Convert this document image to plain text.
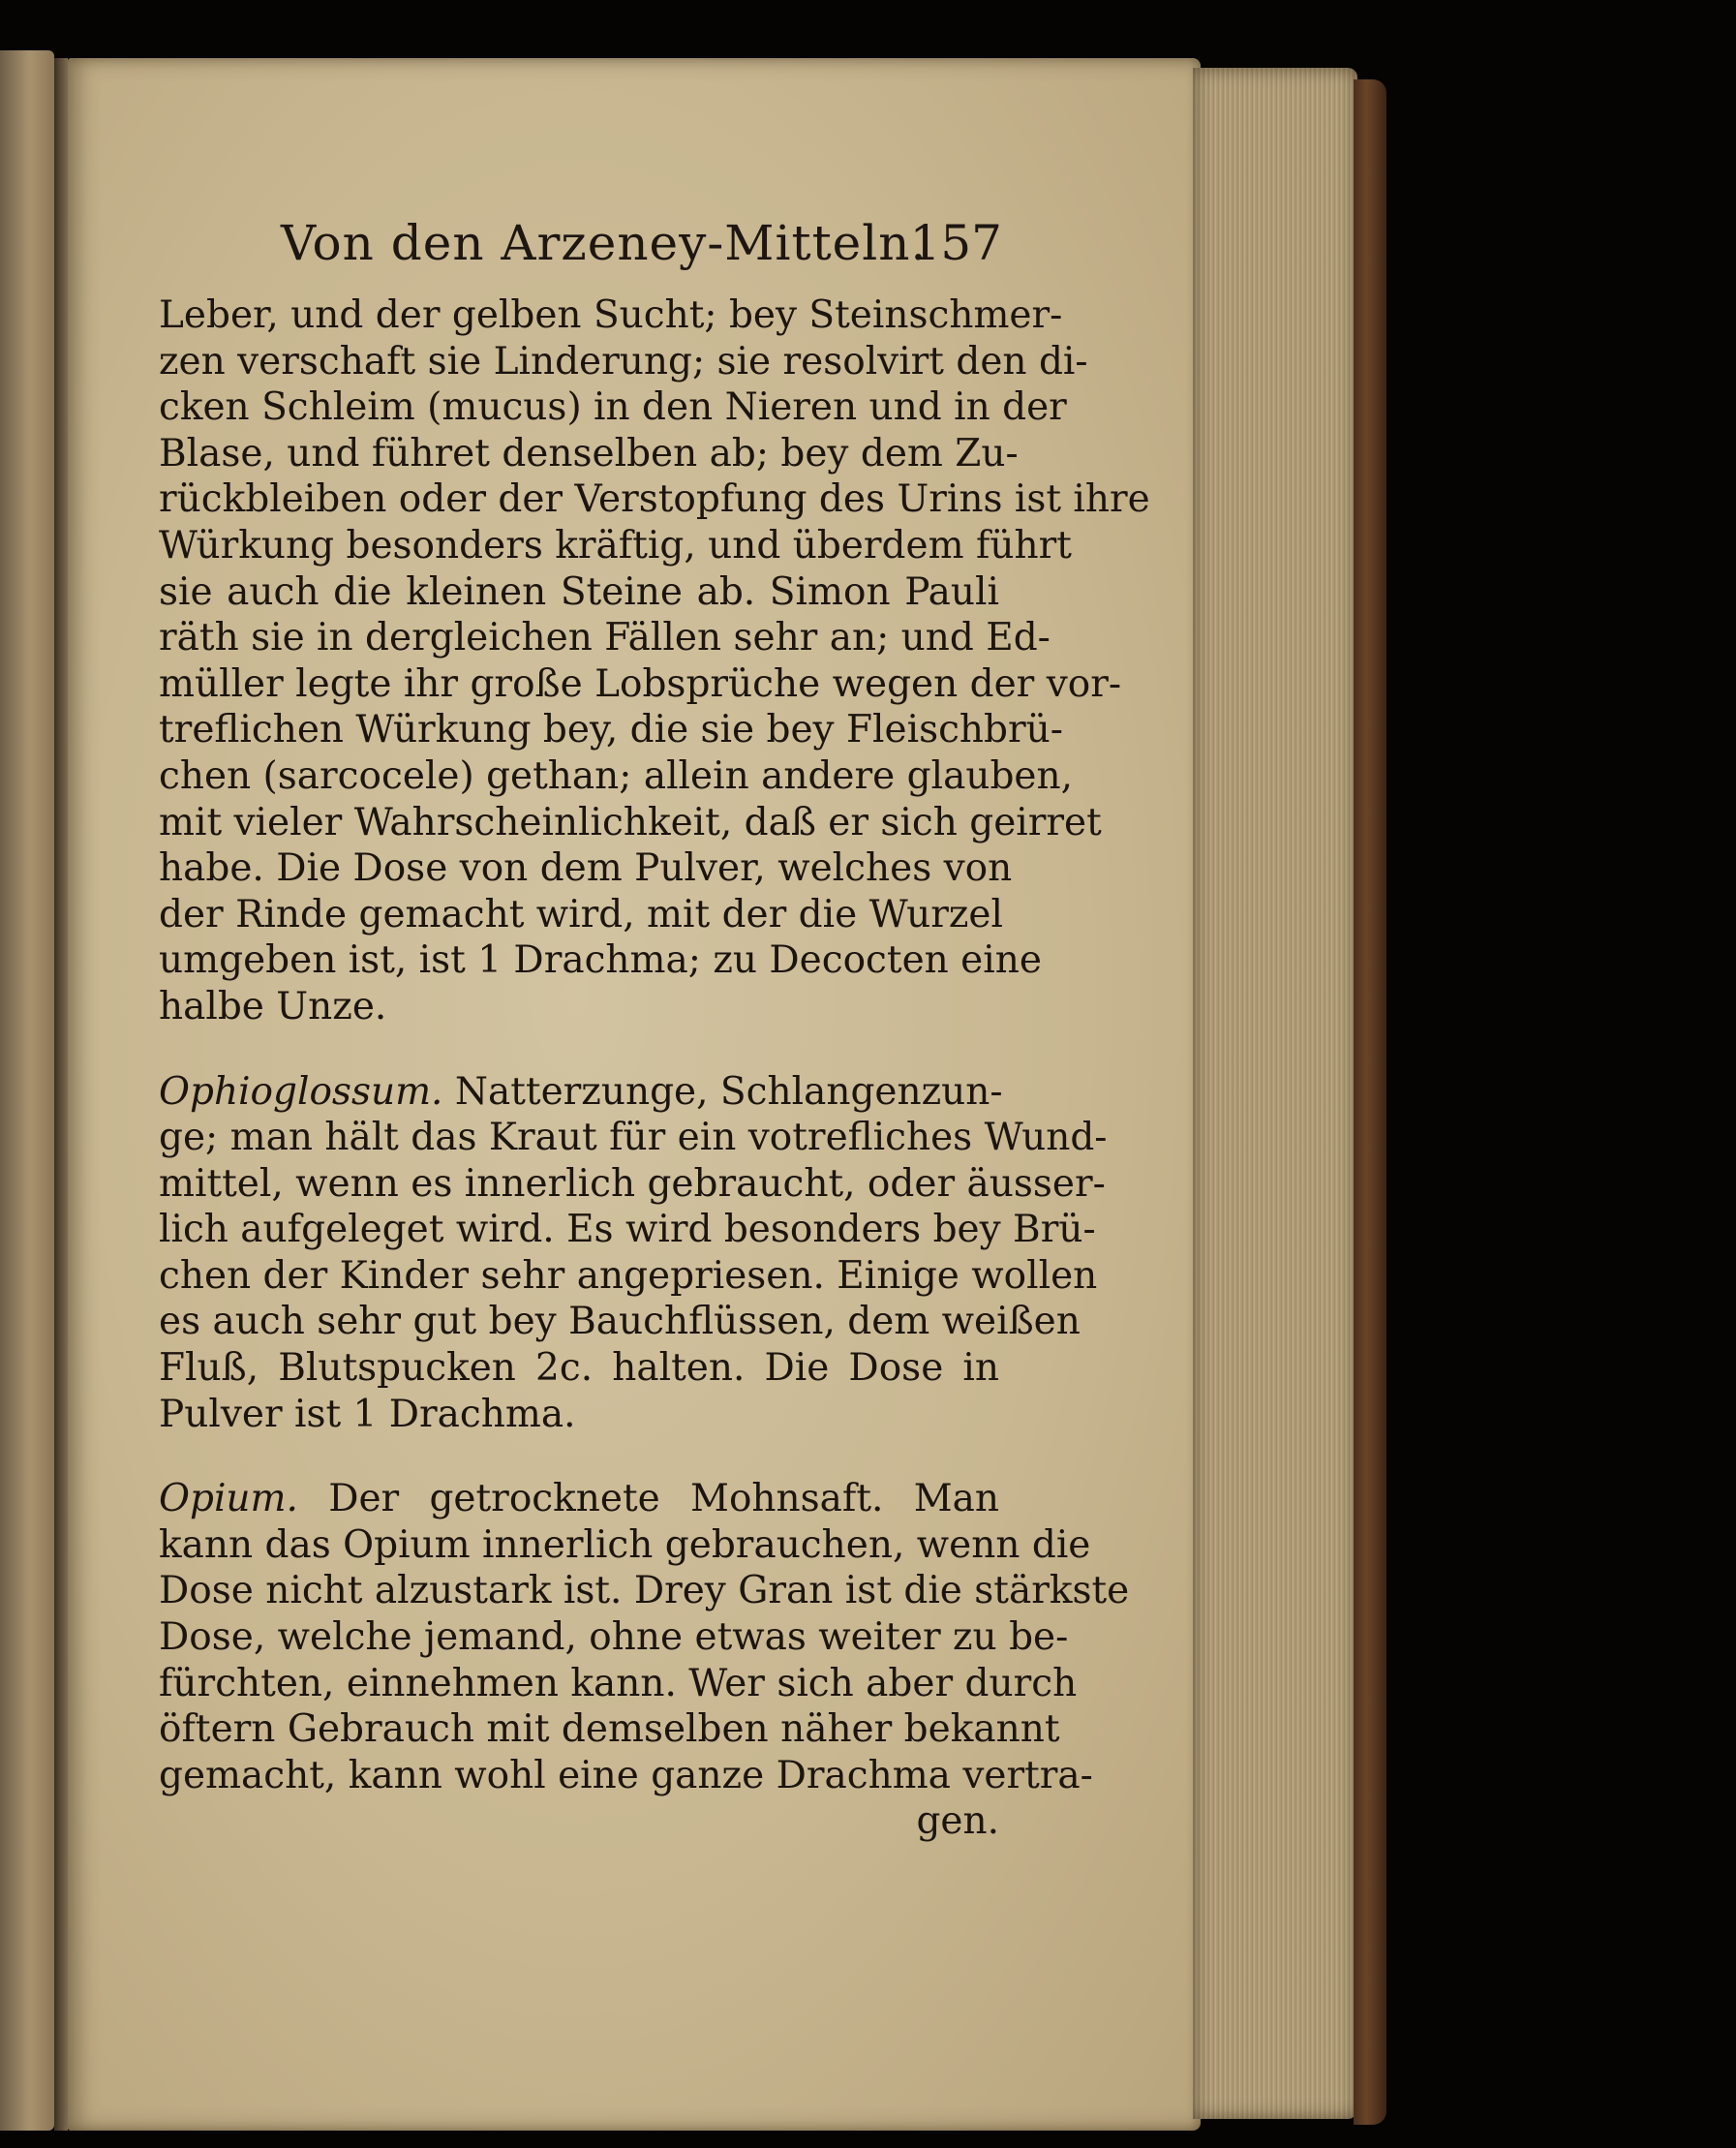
Von den Arzeney-Mitteln.
157
Leber, und der gelben Sucht; bey Steinschmer-
zen verschaft sie Linderung; sie resolvirt den di-
cken Schleim (mucus) in den Nieren und in der
Blase, und führet denselben ab; bey dem Zu-
rückbleiben oder der Verstopfung des Urins ist ihre
Würkung besonders kräftig, und überdem führt
sie auch die kleinen Steine ab. Simon Pauli
räth sie in dergleichen Fällen sehr an; und Ed-
müller legte ihr große Lobsprüche wegen der vor-
treflichen Würkung bey, die sie bey Fleischbrü-
chen (sarcocele) gethan; allein andere glauben,
mit vieler Wahrscheinlichkeit, daß er sich geirret
habe. Die Dose von dem Pulver, welches von
der Rinde gemacht wird, mit der die Wurzel
umgeben ist, ist 1 Drachma; zu Decocten eine
halbe Unze.
Ophioglossum. Natterzunge, Schlangenzun-
ge; man hält das Kraut für ein votrefliches Wund-
mittel, wenn es innerlich gebraucht, oder äusser-
lich aufgeleget wird. Es wird besonders bey Brü-
chen der Kinder sehr angepriesen. Einige wollen
es auch sehr gut bey Bauchflüssen, dem weißen
Fluß, Blutspucken 2c. halten. Die Dose in
Pulver ist 1 Drachma.
Opium. Der getrocknete Mohnsaft. Man
kann das Opium innerlich gebrauchen, wenn die
Dose nicht alzustark ist. Drey Gran ist die stärkste
Dose, welche jemand, ohne etwas weiter zu be-
fürchten, einnehmen kann. Wer sich aber durch
öftern Gebrauch mit demselben näher bekannt
gemacht, kann wohl eine ganze Drachma vertra-
gen.
